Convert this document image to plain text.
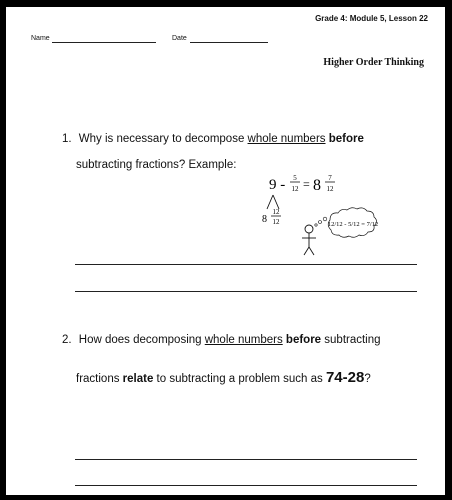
Grade 4: Module 5, Lesson 22
Name	Date
Higher Order Thinking
1. Why is necessary to decompose whole numbers before
subtracting fractions? Example:
9 - 5
12 = 8 7
12
8
12
12	12/12 - 5/12 = 7/12
2. How does decomposing whole numbers before subtracting
fractions relate to subtracting a problem such as 74-28?
